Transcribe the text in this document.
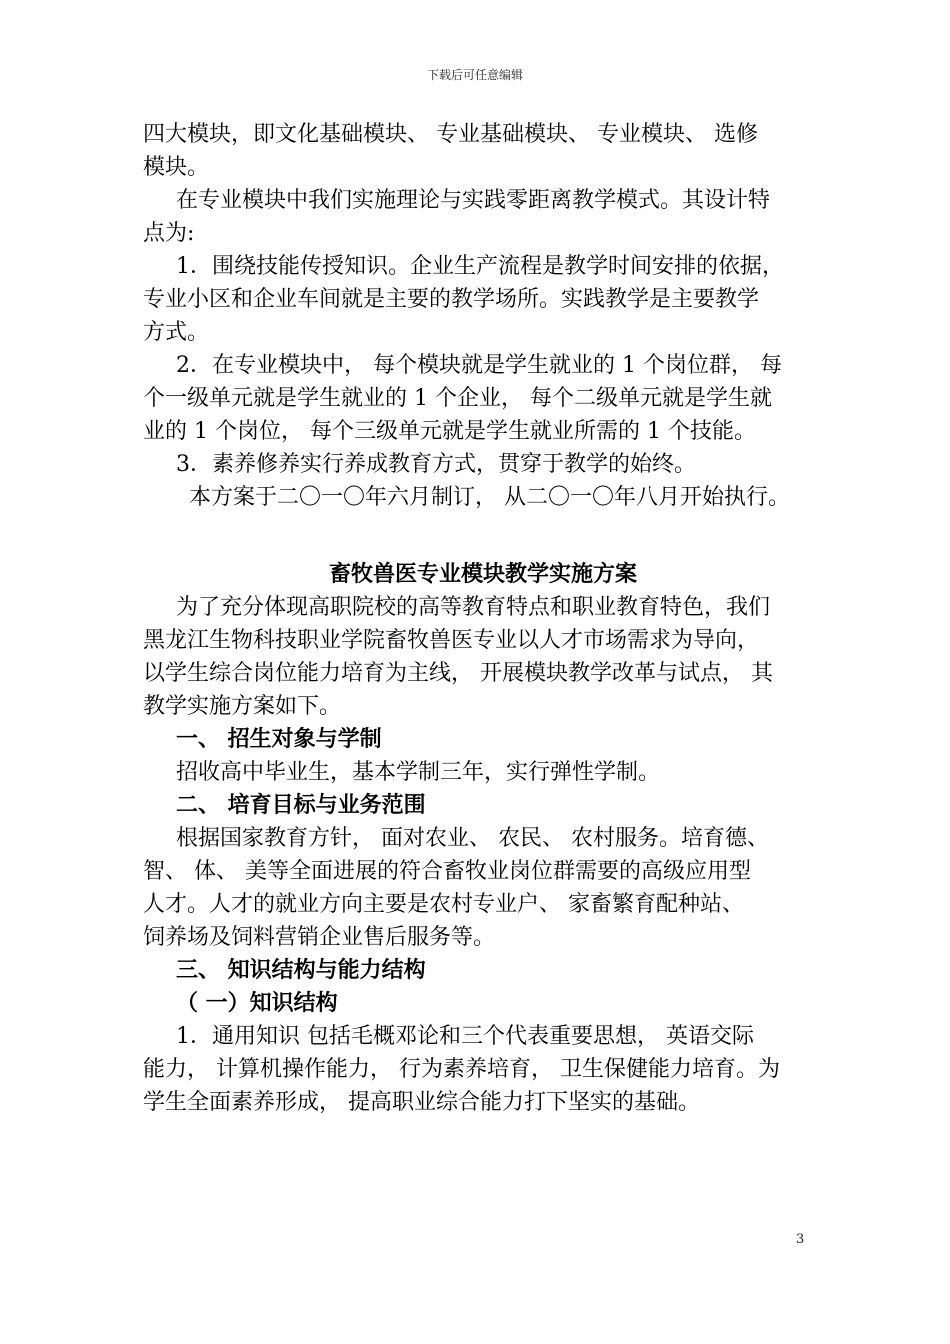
下载后可任意编辑

四大模块，即文化基础模块、 专业基础模块、 专业模块、 选修

模块。

在专业模块中我们实施理论与实践零距离教学模式。其设计特

点为:

1．围绕技能传授知识。企业生产流程是教学时间安排的依据，

专业小区和企业车间就是主要的教学场所。实践教学是主要教学

方式。

2．在专业模块中， 每个模块就是学生就业的 1 个岗位群， 每

个一级单元就是学生就业的 1 个企业， 每个二级单元就是学生就

业的 1 个岗位， 每个三级单元就是学生就业所需的 1 个技能。

3．素养修养实行养成教育方式，贯穿于教学的始终。

本方案于二〇一〇年六月制订， 从二〇一〇年八月开始执行。

畜牧兽医专业模块教学实施方案

为了充分体现高职院校的高等教育特点和职业教育特色，我们

黑龙江生物科技职业学院畜牧兽医专业以人才市场需求为导向，

以学生综合岗位能力培育为主线， 开展模块教学改革与试点， 其

教学实施方案如下。

一、 招生对象与学制

招收高中毕业生，基本学制三年，实行弹性学制。

二、 培育目标与业务范围

根据国家教育方针， 面对农业、 农民、 农村服务。培育德、

智、 体、 美等全面进展的符合畜牧业岗位群需要的高级应用型

人才。人才的就业方向主要是农村专业户、 家畜繁育配种站、

饲养场及饲料营销企业售后服务等。

三、 知识结构与能力结构

（ 一）知识结构

1．通用知识 包括毛概邓论和三个代表重要思想， 英语交际

能力， 计算机操作能力， 行为素养培育， 卫生保健能力培育。为

学生全面素养形成， 提高职业综合能力打下坚实的基础。

3
